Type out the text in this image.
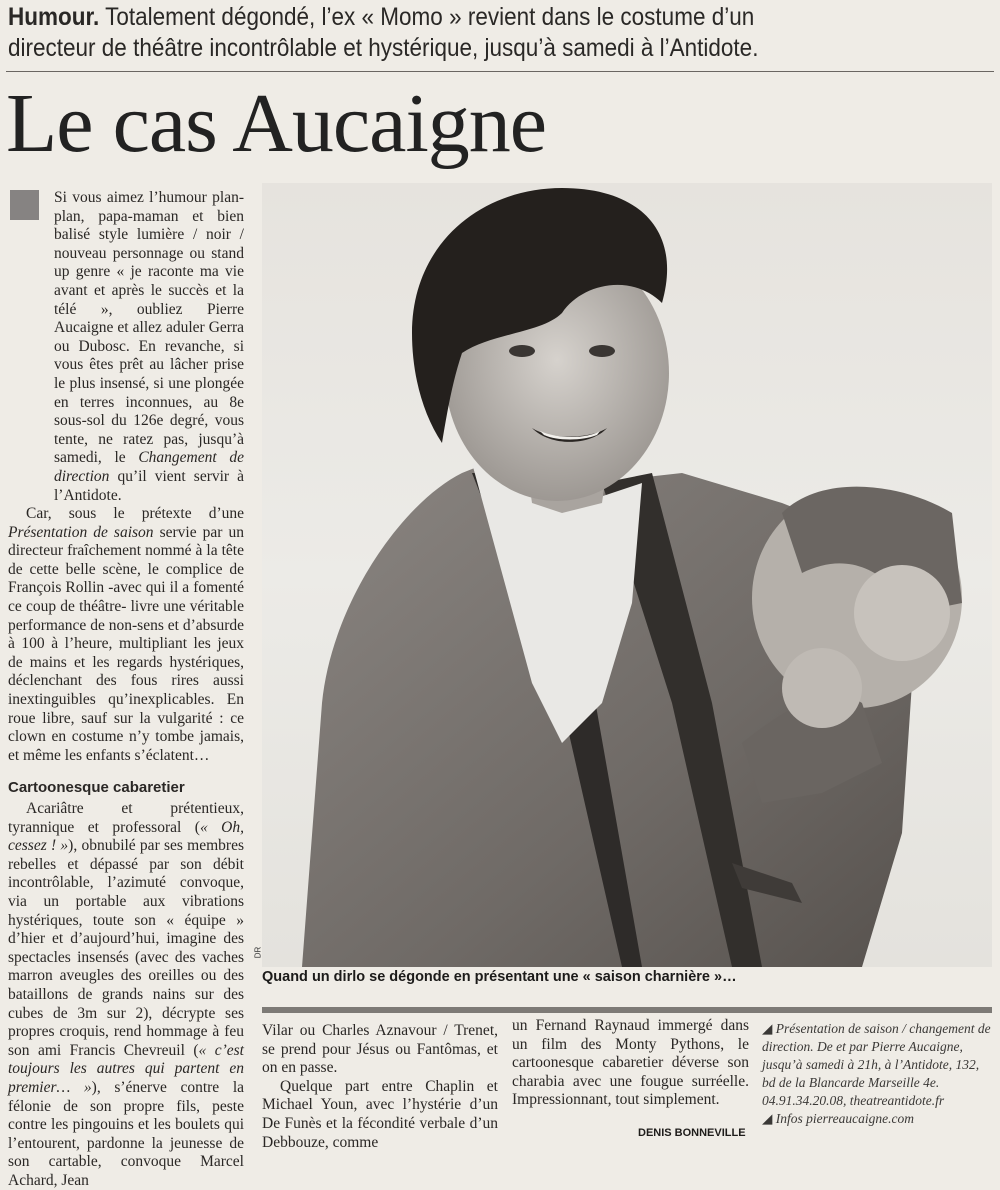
Humour. Totalement dégondé, l’ex « Momo » revient dans le costume d’un
directeur de théâtre incontrôlable et hystérique, jusqu’à samedi à l’Antidote.
Le cas Aucaigne

Si vous aimez l’humour plan-plan, papa-maman et bien balisé style lumière / noir / nouveau personnage ou stand up genre « je raconte ma vie avant et après le succès et la télé », oubliez Pierre Aucaigne et allez aduler Gerra ou Dubosc. En revanche, si vous êtes prêt au lâcher prise le plus insensé, si une plongée en terres inconnues, au 8e sous-sol du 126e degré, vous tente, ne ratez pas, jusqu’à samedi, le Changement de direction qu’il vient servir à l’Antidote.

Car, sous le prétexte d’une Présentation de saison servie par un directeur fraîchement nommé à la tête de cette belle scène, le complice de François Rollin -avec qui il a fomenté ce coup de théâtre- livre une véritable performance de non-sens et d’absurde à 100 à l’heure, multipliant les jeux de mains et les regards hystériques, déclenchant des fous rires aussi inextinguibles qu’inexplicables. En roue libre, sauf sur la vulgarité : ce clown en costume n’y tombe jamais, et même les enfants s’éclatent…

Cartoonesque cabaretier

Acariâtre et prétentieux, tyrannique et professoral (« Oh, cessez ! »), obnubilé par ses membres rebelles et dépassé par son débit incontrôlable, l’azimuté convoque, via un portable aux vibrations hystériques, toute son « équipe » d’hier et d’aujourd’hui, imagine des spectacles insensés (avec des vaches marron aveugles des oreilles ou des bataillons de grands nains sur des cubes de 3m sur 2), décrypte ses propres croquis, rend hommage à feu son ami Francis Chevreuil (« c’est toujours les autres qui partent en premier… »), s’énerve contre la félonie de son propre fils, peste contre les pingouins et les boulets qui l’entourent, pardonne la jeunesse de son cartable, convoque Marcel Achard, Jean

DR
Quand un dirlo se dégonde en présentant une « saison charnière »…

Vilar ou Charles Aznavour / Trenet, se prend pour Jésus ou Fantômas, et on en passe.

Quelque part entre Chaplin et Michael Youn, avec l’hystérie d’un De Funès et la fécondité verbale d’un Debbouze, comme

un Fernand Raynaud immergé dans un film des Monty Pythons, le cartoonesque cabaretier déverse son charabia avec une fougue surréelle. Impressionnant, tout simplement.

DENIS BONNEVILLE

◢ Présentation de saison / changement de direction. De et par Pierre Aucaigne, jusqu’à samedi à 21h, à l’Antidote, 132, bd de la Blancarde Marseille 4e.

04.91.34.20.08, theatreantidote.fr

◢ Infos pierreaucaigne.com
